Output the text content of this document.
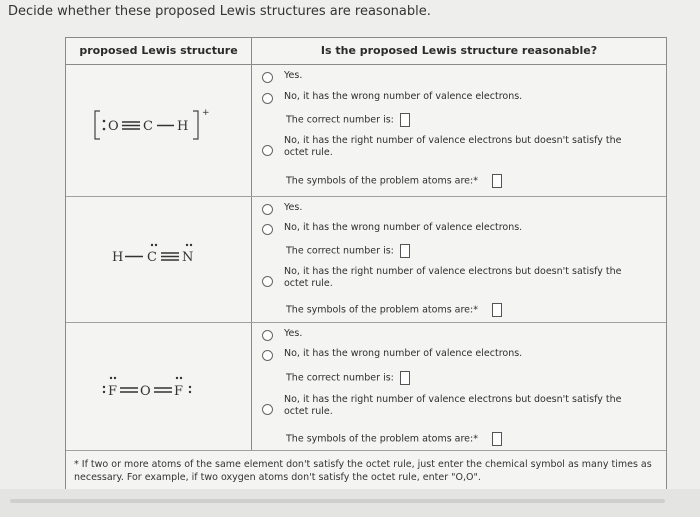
Decide whether these proposed Lewis structures are reasonable.
proposed Lewis structure	Is the proposed Lewis structure reasonable?
O C H
+
Yes.
No, it has the wrong number of valence electrons.
The correct number is:
No, it has the right number of valence electrons but doesn't satisfy the
octet rule.
The symbols of the problem atoms are:*
H C N
Yes.
No, it has the wrong number of valence electrons.
The correct number is:
No, it has the right number of valence electrons but doesn't satisfy the
octet rule.
The symbols of the problem atoms are:*
F O F
Yes.
No, it has the wrong number of valence electrons.
The correct number is:
No, it has the right number of valence electrons but doesn't satisfy the
octet rule.
The symbols of the problem atoms are:*
* If two or more atoms of the same element don't satisfy the octet rule, just enter the chemical symbol as many times as necessary. For example, if two oxygen atoms don't satisfy the octet rule, enter "O,O".
